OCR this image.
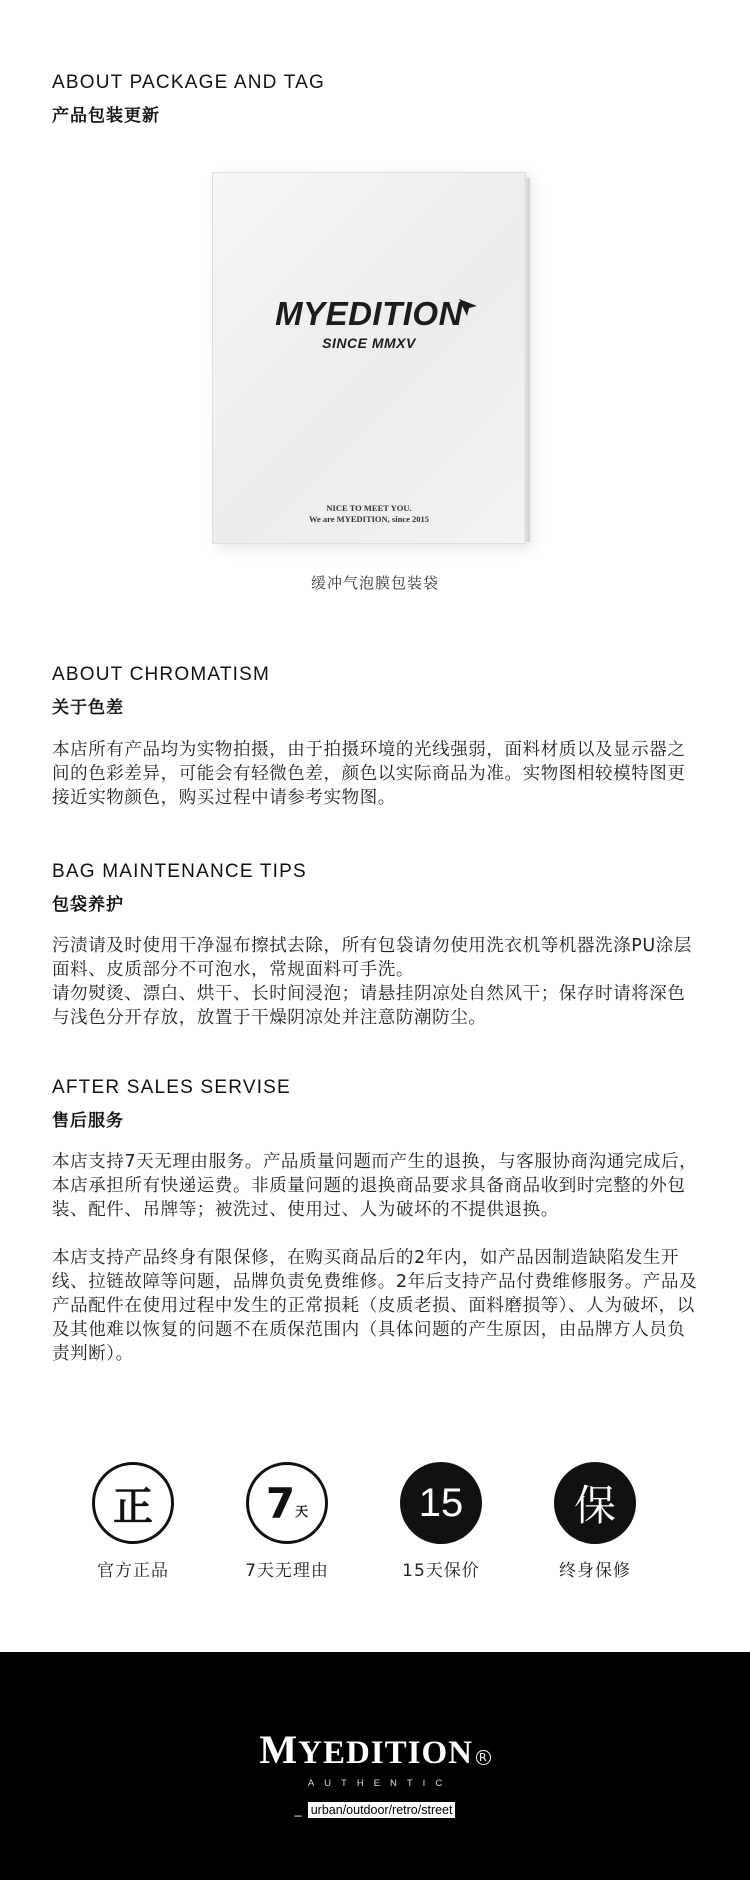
ABOUT PACKAGE AND TAG
产品包装更新
MYEDITION
SINCE MMXV
NICE TO MEET YOU.
We are MYEDITION, since 2015
缓冲气泡膜包装袋
ABOUT CHROMATISM
关于色差

本店所有产品均为实物拍摄，由于拍摄环境的光线强弱，面料材质以及显示器之间的色彩差异，可能会有轻微色差，颜色以实际商品为准。实物图相较模特图更接近实物颜色，购买过程中请参考实物图。

BAG MAINTENANCE TIPS
包袋养护

污渍请及时使用干净湿布擦拭去除，所有包袋请勿使用洗衣机等机器洗涤PU涂层面料、皮质部分不可泡水，常规面料可手洗。

请勿熨烫、漂白、烘干、长时间浸泡；请悬挂阴凉处自然风干；保存时请将深色与浅色分开存放，放置于干燥阴凉处并注意防潮防尘。

AFTER SALES SERVISE
售后服务

本店支持7天无理由服务。产品质量问题而产生的退换，与客服协商沟通完成后，本店承担所有快递运费。非质量问题的退换商品要求具备商品收到时完整的外包装、配件、吊牌等；被洗过、使用过、人为破坏的不提供退换。

本店支持产品终身有限保修，在购买商品后的2年内，如产品因制造缺陷发生开线、拉链故障等问题，品牌负责免费维修。2年后支持产品付费维修服务。产品及产品配件在使用过程中发生的正常损耗（皮质老损、面料磨损等）、人为破坏，以及其他难以恢复的问题不在质保范围内（具体问题的产生原因，由品牌方人员负责判断）。

正
官方正品
7 天
7天无理由
15
15天保价
保
终身保修
MYEDITION R
AUTHENTIC
_ urban/outdoor/retro/street
